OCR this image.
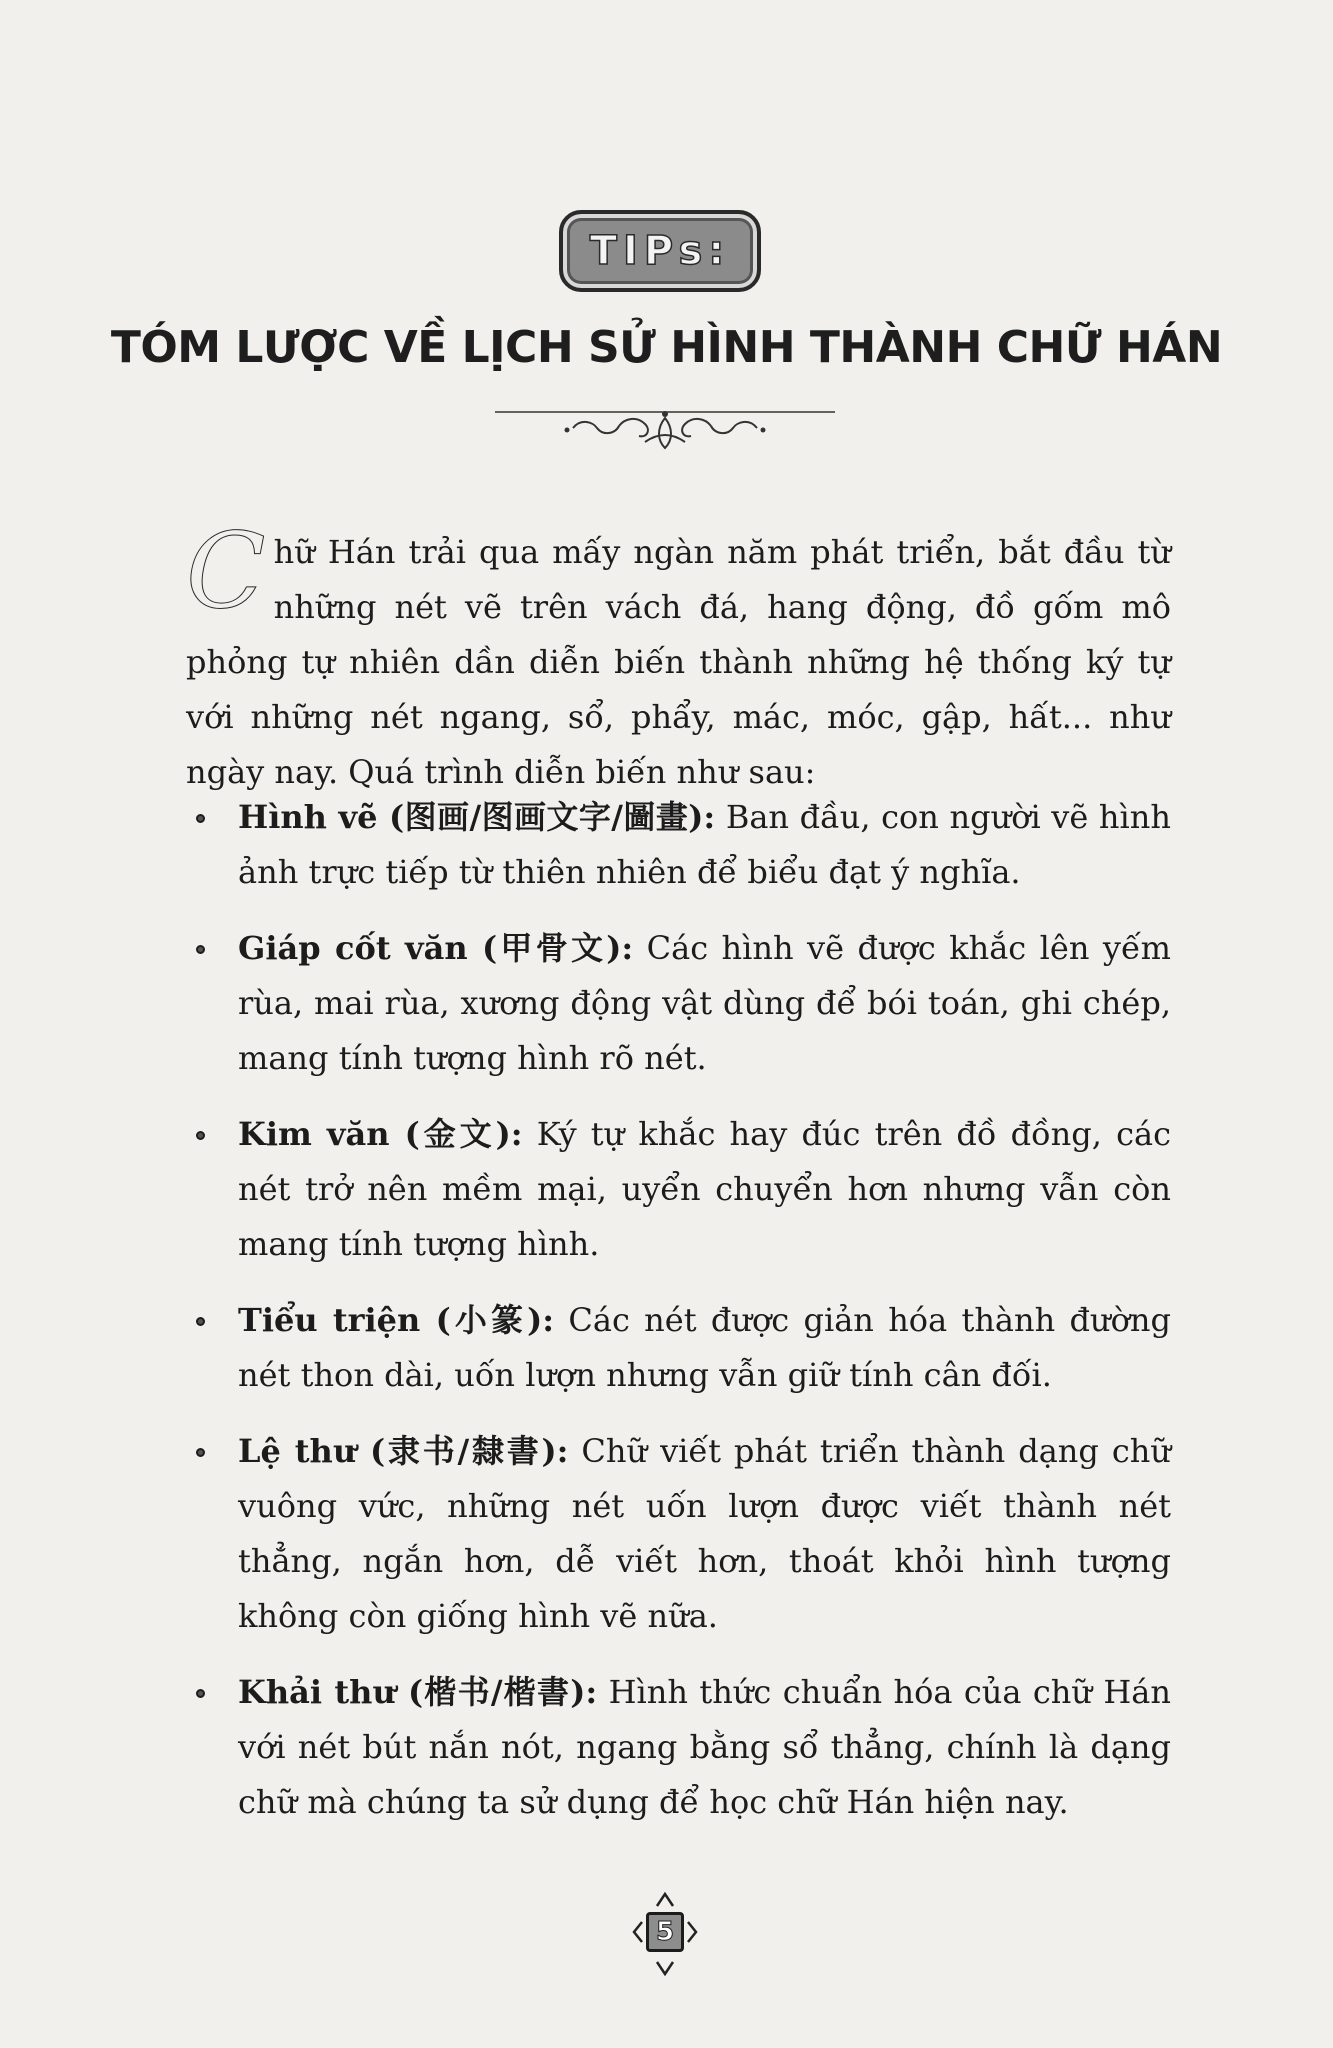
TIPs:
TÓM LƯỢC VỀ LỊCH SỬ HÌNH THÀNH CHỮ HÁN
Chữ Hán trải qua mấy ngàn năm phát triển, bắt đầu từ những nét vẽ trên vách đá, hang động, đồ gốm mô phỏng tự nhiên dần diễn biến thành những hệ thống ký tự với những nét ngang, sổ, phẩy, mác, móc, gập, hất... như ngày nay. Quá trình diễn biến như sau:
Hình vẽ (图画/图画文字/圖畫): Ban đầu, con người vẽ hình ảnh trực tiếp từ thiên nhiên để biểu đạt ý nghĩa.
Giáp cốt văn (甲骨文): Các hình vẽ được khắc lên yếm rùa, mai rùa, xương động vật dùng để bói toán, ghi chép, mang tính tượng hình rõ nét.
Kim văn (金文): Ký tự khắc hay đúc trên đồ đồng, các nét trở nên mềm mại, uyển chuyển hơn nhưng vẫn còn mang tính tượng hình.
Tiểu triện (小篆): Các nét được giản hóa thành đường nét thon dài, uốn lượn nhưng vẫn giữ tính cân đối.
Lệ thư (隶书/隸書): Chữ viết phát triển thành dạng chữ vuông vức, những nét uốn lượn được viết thành nét thẳng, ngắn hơn, dễ viết hơn, thoát khỏi hình tượng không còn giống hình vẽ nữa.
Khải thư (楷书/楷書): Hình thức chuẩn hóa của chữ Hán với nét bút nắn nót, ngang bằng sổ thẳng, chính là dạng chữ mà chúng ta sử dụng để học chữ Hán hiện nay.
5
